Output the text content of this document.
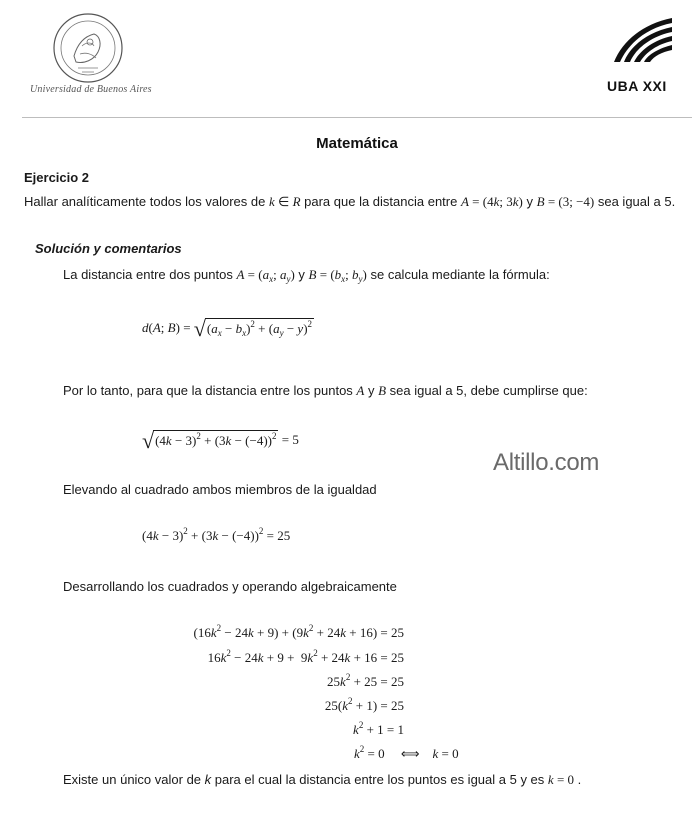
Universidad de Buenos Aires	UBA XXI
Matemática
Ejercicio 2
Hallar analíticamente todos los valores de k ∈ R para que la distancia entre A = (4k; 3k) y B = (3; −4) sea igual a 5.
Solución y comentarios
La distancia entre dos puntos $A = (a_x$; $a_y$) y $B = (b_x$; $b_y$) se calcula mediante la fórmula:
d(A; B) = √ $(a_x - b_x)^2 + (a_y - y)^2$
Por lo tanto, para que la distancia entre los puntos A y B sea igual a 5, debe cumplirse que:
√ $(4k - 3)^2 + (3k - (-4))^2 = 5$
Altillo.com
Elevando al cuadrado ambos miembros de la igualdad
$(4k - 3)^2 + (3k - (-4))^2 = 25$
Desarrollando los cuadrados y operando algebraicamente
$(16k^2 - 24k + 9) + (9k^2 + 24k + 16) = 25$
$16k^2 - 24k + 9 + 9k^2 + 24k + 16 = 25$
$25k^2 + 25 = 25$
$25(k^2 + 1) = 25$
$k^2 + 1 = 1$
$k^2 = 0$     ⟺    k = 0
Existe un único valor de k para el cual la distancia entre los puntos es igual a 5 y es k = 0 .
